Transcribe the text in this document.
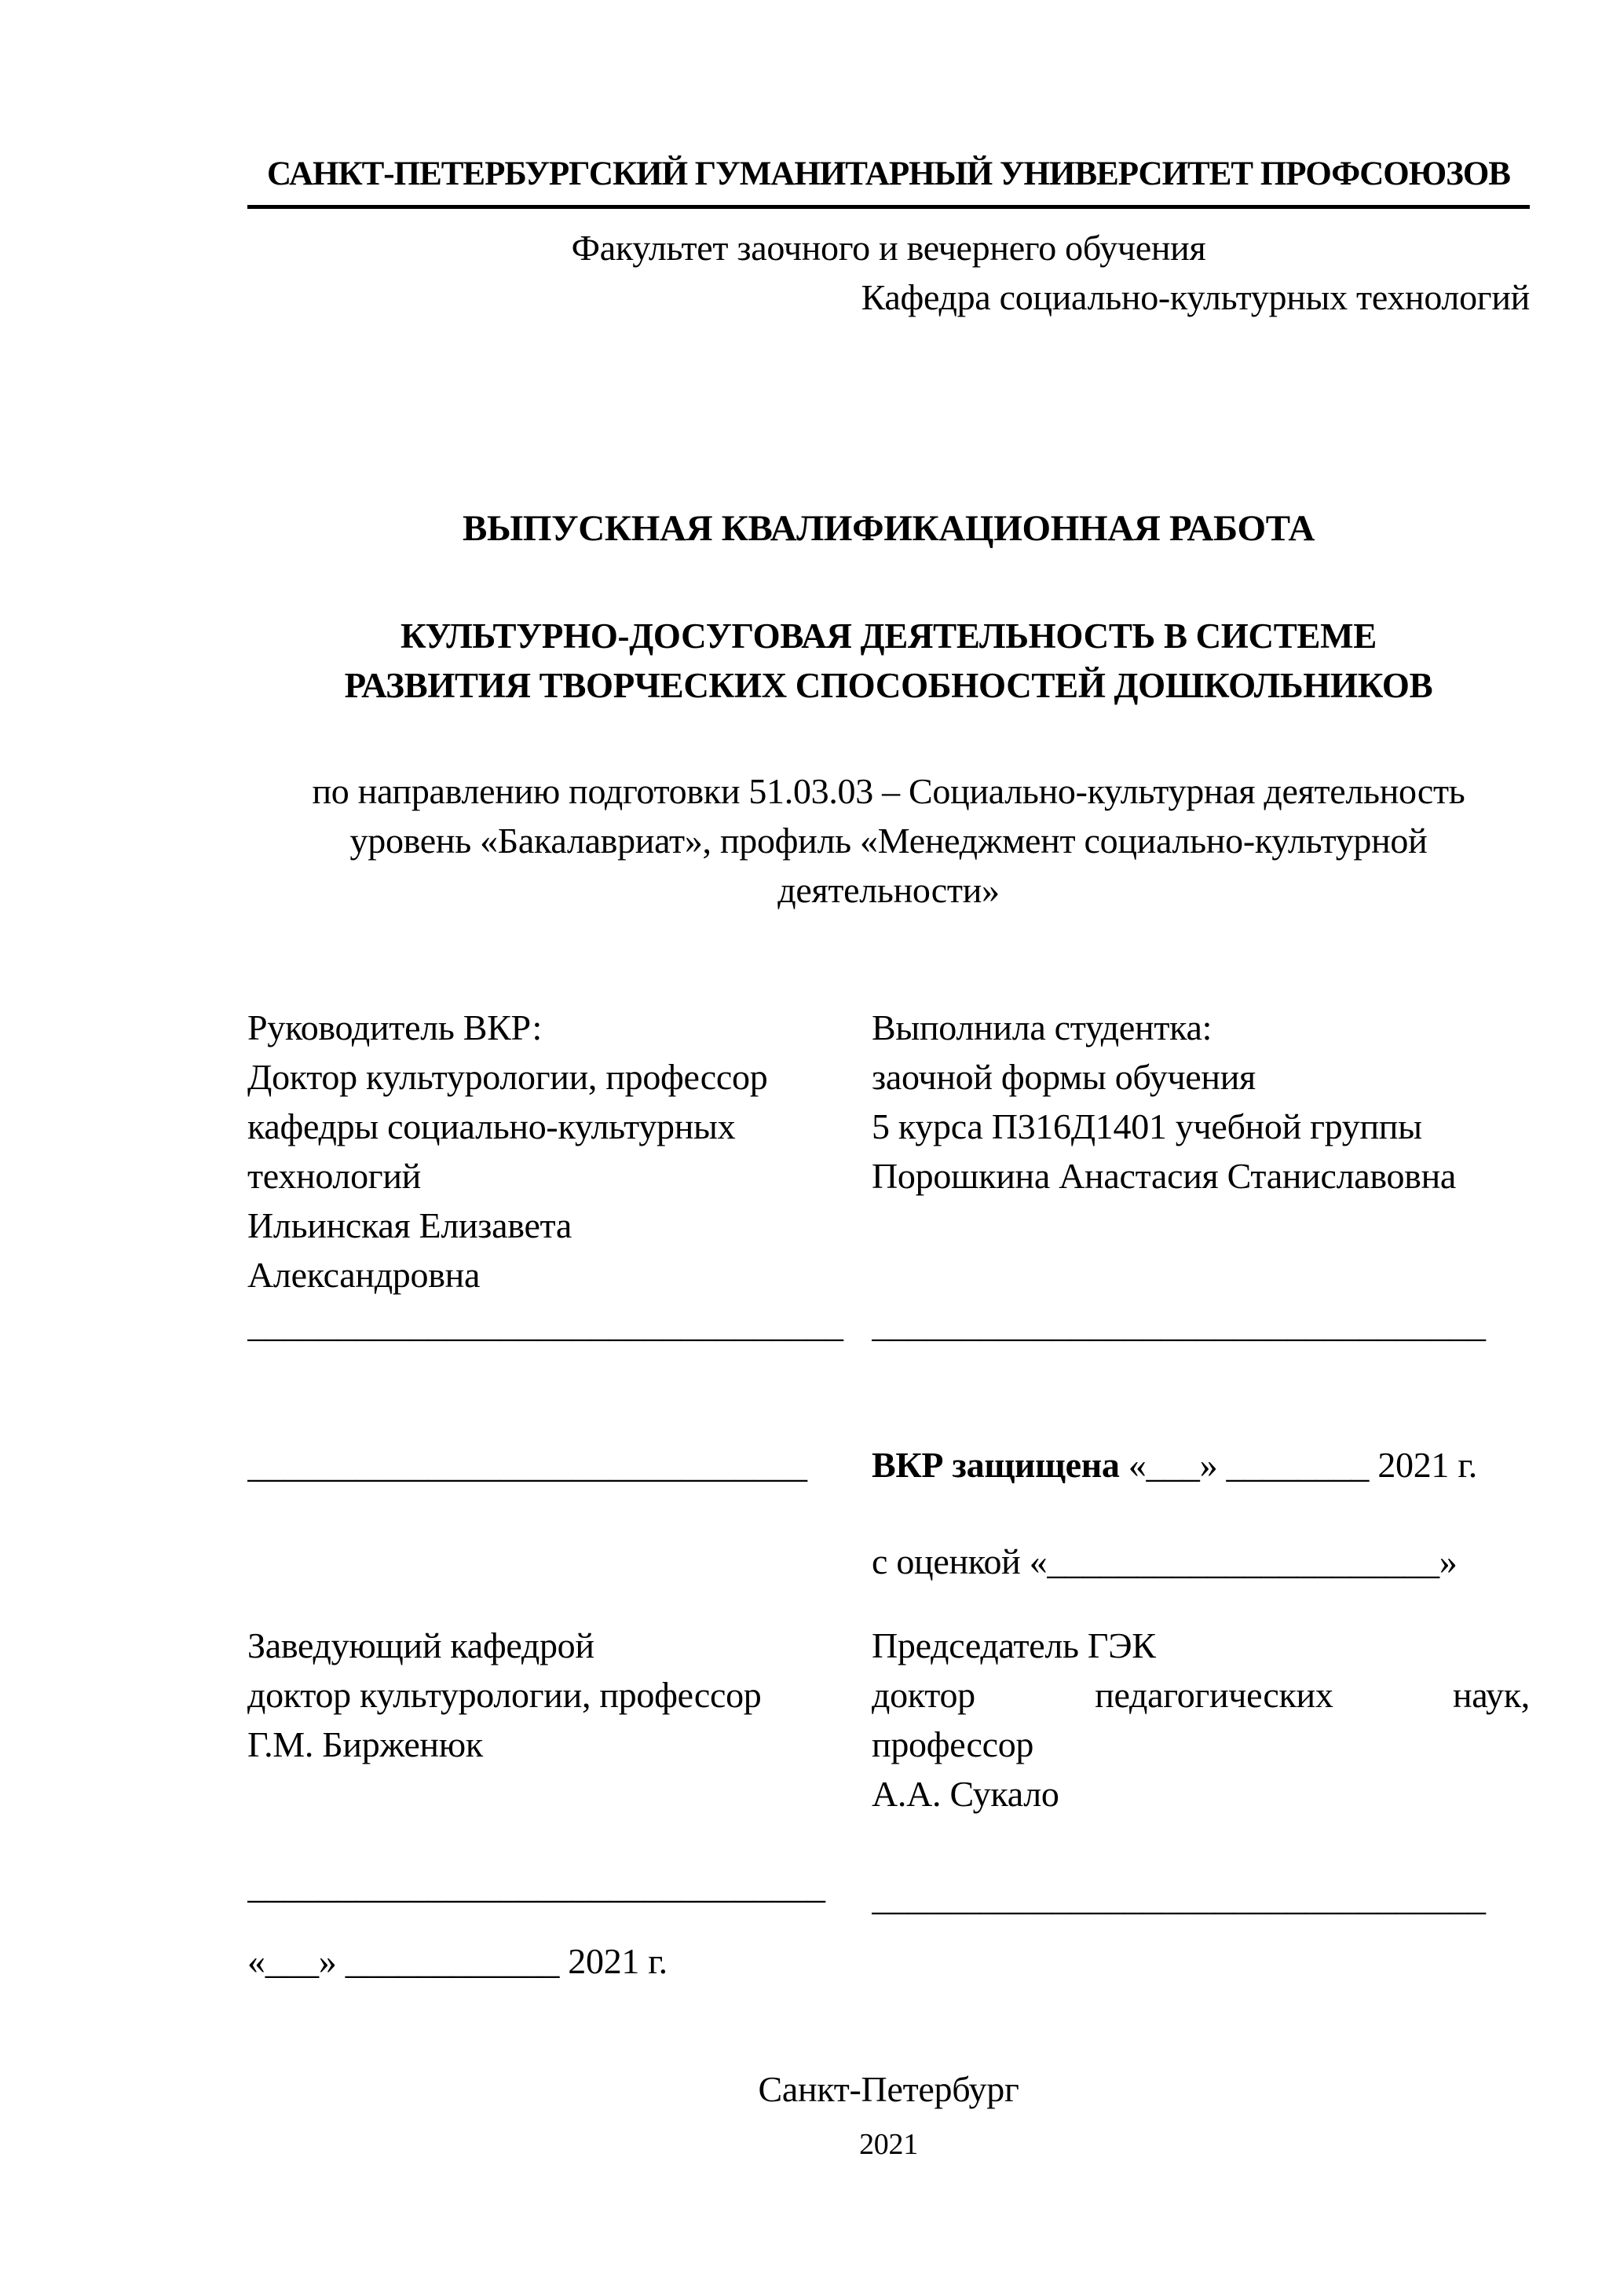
САНКТ-ПЕТЕРБУРГСКИЙ ГУМАНИТАРНЫЙ УНИВЕРСИТЕТ ПРОФСОЮЗОВ
Факультет заочного и вечернего обучения
Кафедра социально-культурных технологий
ВЫПУСКНАЯ КВАЛИФИКАЦИОННАЯ РАБОТА
КУЛЬТУРНО-ДОСУГОВАЯ ДЕЯТЕЛЬНОСТЬ В СИСТЕМЕ
РАЗВИТИЯ ТВОРЧЕСКИХ СПОСОБНОСТЕЙ ДОШКОЛЬНИКОВ
по направлению подготовки 51.03.03 – Социально-культурная деятельность
уровень «Бакалавриат», профиль «Менеджмент социально-культурной
деятельности»
Руководитель ВКР:
Доктор культурологии, профессор
кафедры социально-культурных
технологий
Ильинская Елизавета
Александровна
Выполнила студентка:
заочной формы обучения
5 курса П316Д1401 учебной группы
Порошкина Анастасия Станиславовна
_________________________________ __________________________________
_______________________________	ВКР защищена «___» ________ 2021 г.
с оценкой «______________________»
Заведующий кафедрой
доктор культурологии, профессор
Г.М. Бирженюк
Председатель ГЭК
доктор	педагогических	наук,
профессор
А.А. Сукало
________________________________	__________________________________
«___» ____________ 2021 г.
Санкт-Петербург
2021
